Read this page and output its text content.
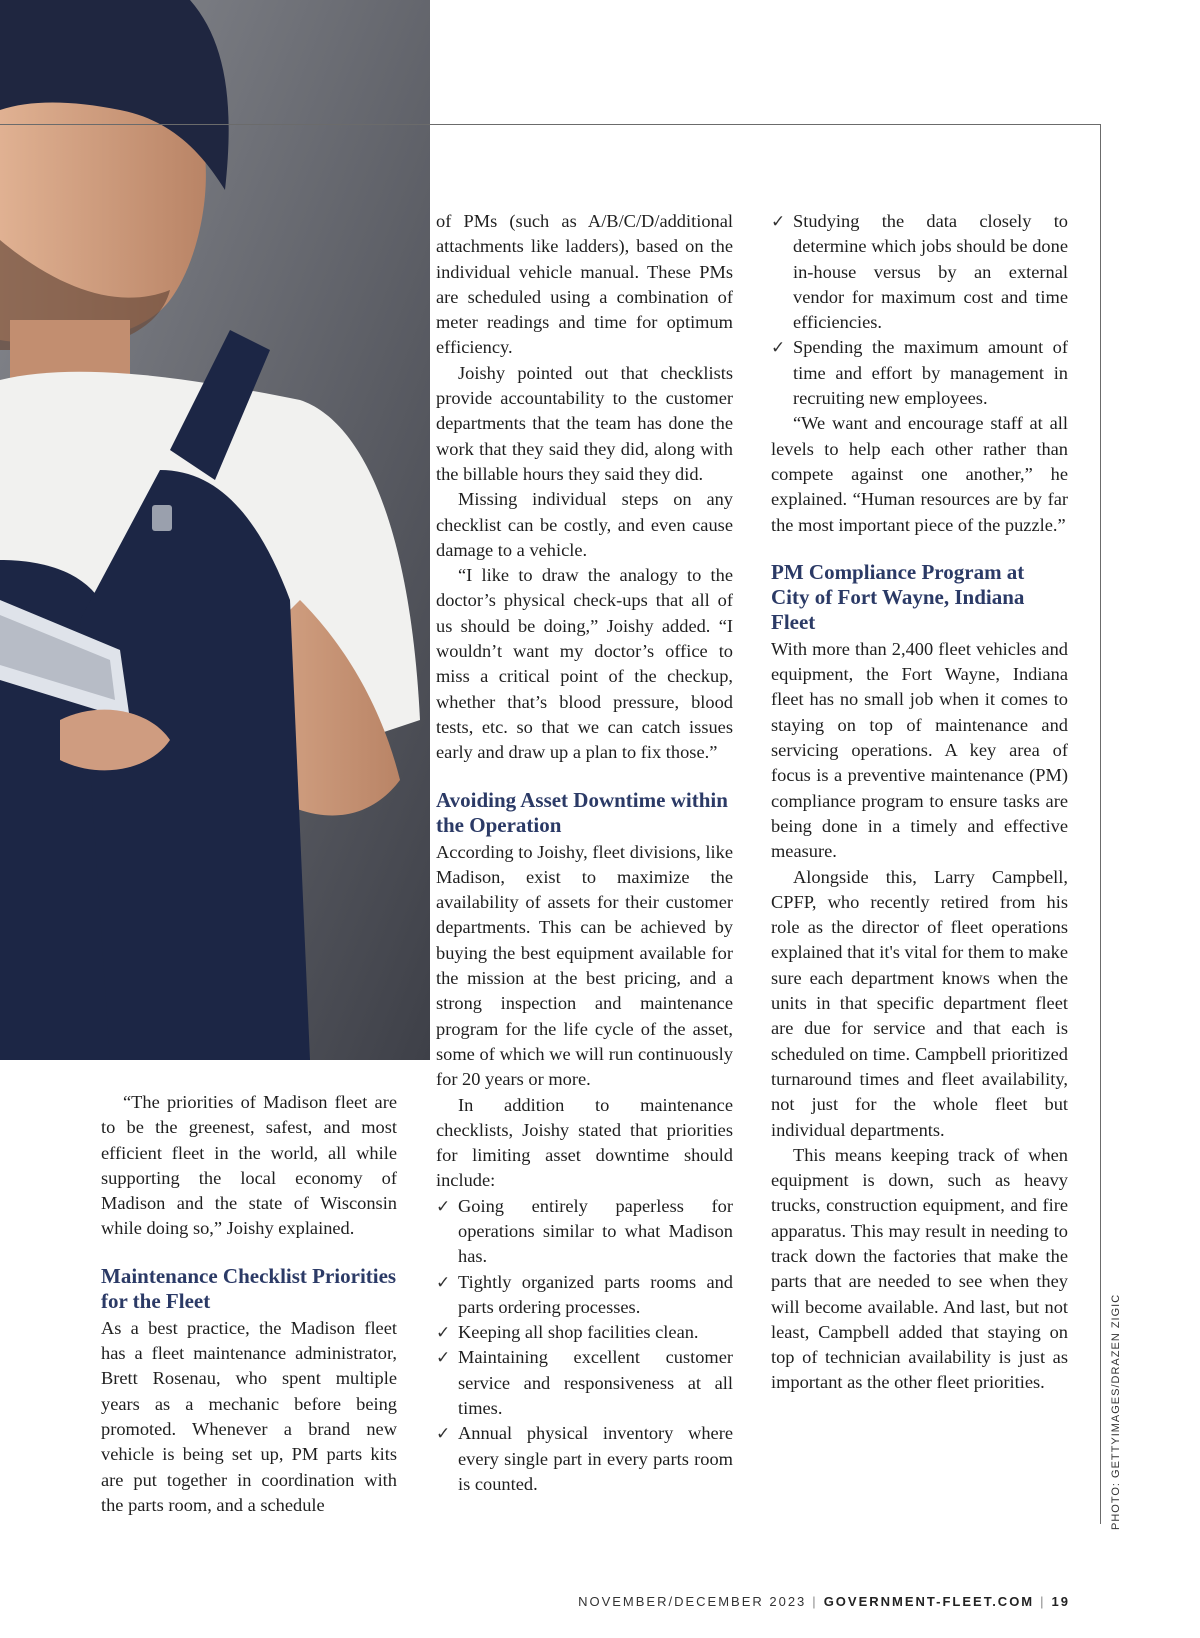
“The priorities of Madison fleet are to be the greenest, safest, and most efficient fleet in the world, all while supporting the local economy of Madison and the state of Wisconsin while doing so,” Joishy explained.

Maintenance Checklist Priorities for the Fleet

As a best practice, the Madison fleet has a fleet maintenance administrator, Brett Rosenau, who spent multiple years as a mechanic before being promoted. Whenever a brand new vehicle is being set up, PM parts kits are put together in coordination with the parts room, and a schedule

of PMs (such as A/B/C/D/additional attachments like ladders), based on the individual vehicle manual. These PMs are scheduled using a combination of meter readings and time for optimum efficiency.

Joishy pointed out that checklists provide accountability to the customer departments that the team has done the work that they said they did, along with the billable hours they said they did.

Missing individual steps on any checklist can be costly, and even cause damage to a vehicle.

“I like to draw the analogy to the doctor’s physical check-ups that all of us should be doing,” Joishy added. “I wouldn’t want my doctor’s office to miss a critical point of the checkup, whether that’s blood pressure, blood tests, etc. so that we can catch issues early and draw up a plan to fix those.”

Avoiding Asset Downtime within the Operation

According to Joishy, fleet divisions, like Madison, exist to maximize the availability of assets for their customer departments. This can be achieved by buying the best equipment available for the mission at the best pricing, and a strong inspection and maintenance program for the life cycle of the asset, some of which we will run continuously for 20 years or more.

In addition to maintenance checklists, Joishy stated that priorities for limiting asset downtime should include:

✓ Going entirely paperless for operations similar to what Madison has.
✓ Tightly organized parts rooms and parts ordering processes.
✓ Keeping all shop facilities clean.
✓ Maintaining excellent customer service and responsiveness at all times.
✓ Annual physical inventory where every single part in every parts room is counted.
✓ Studying the data closely to determine which jobs should be done in-house versus by an external vendor for maximum cost and time efficiencies.
✓ Spending the maximum amount of time and effort by management in recruiting new employees.

“We want and encourage staff at all levels to help each other rather than compete against one another,” he explained. “Human resources are by far the most important piece of the puzzle.”

PM Compliance Program at City of Fort Wayne, Indiana Fleet

With more than 2,400 fleet vehicles and equipment, the Fort Wayne, Indiana fleet has no small job when it comes to staying on top of maintenance and servicing operations. A key area of focus is a preventive maintenance (PM) compliance program to ensure tasks are being done in a timely and effective measure.

Alongside this, Larry Campbell, CPFP, who recently retired from his role as the director of fleet operations explained that it's vital for them to make sure each department knows when the units in that specific department fleet are due for service and that each is scheduled on time. Campbell prioritized turnaround times and fleet availability, not just for the whole fleet but individual departments.

This means keeping track of when equipment is down, such as heavy trucks, construction equipment, and fire apparatus. This may result in needing to track down the factories that make the parts that are needed to see when they will become available. And last, but not least, Campbell added that staying on top of technician availability is just as important as the other fleet priorities.	PHOTO: GETTYIMAGES/DRAZEN ZIGIC
NOVEMBER/DECEMBER 2023 | GOVERNMENT-FLEET.COM | 19
